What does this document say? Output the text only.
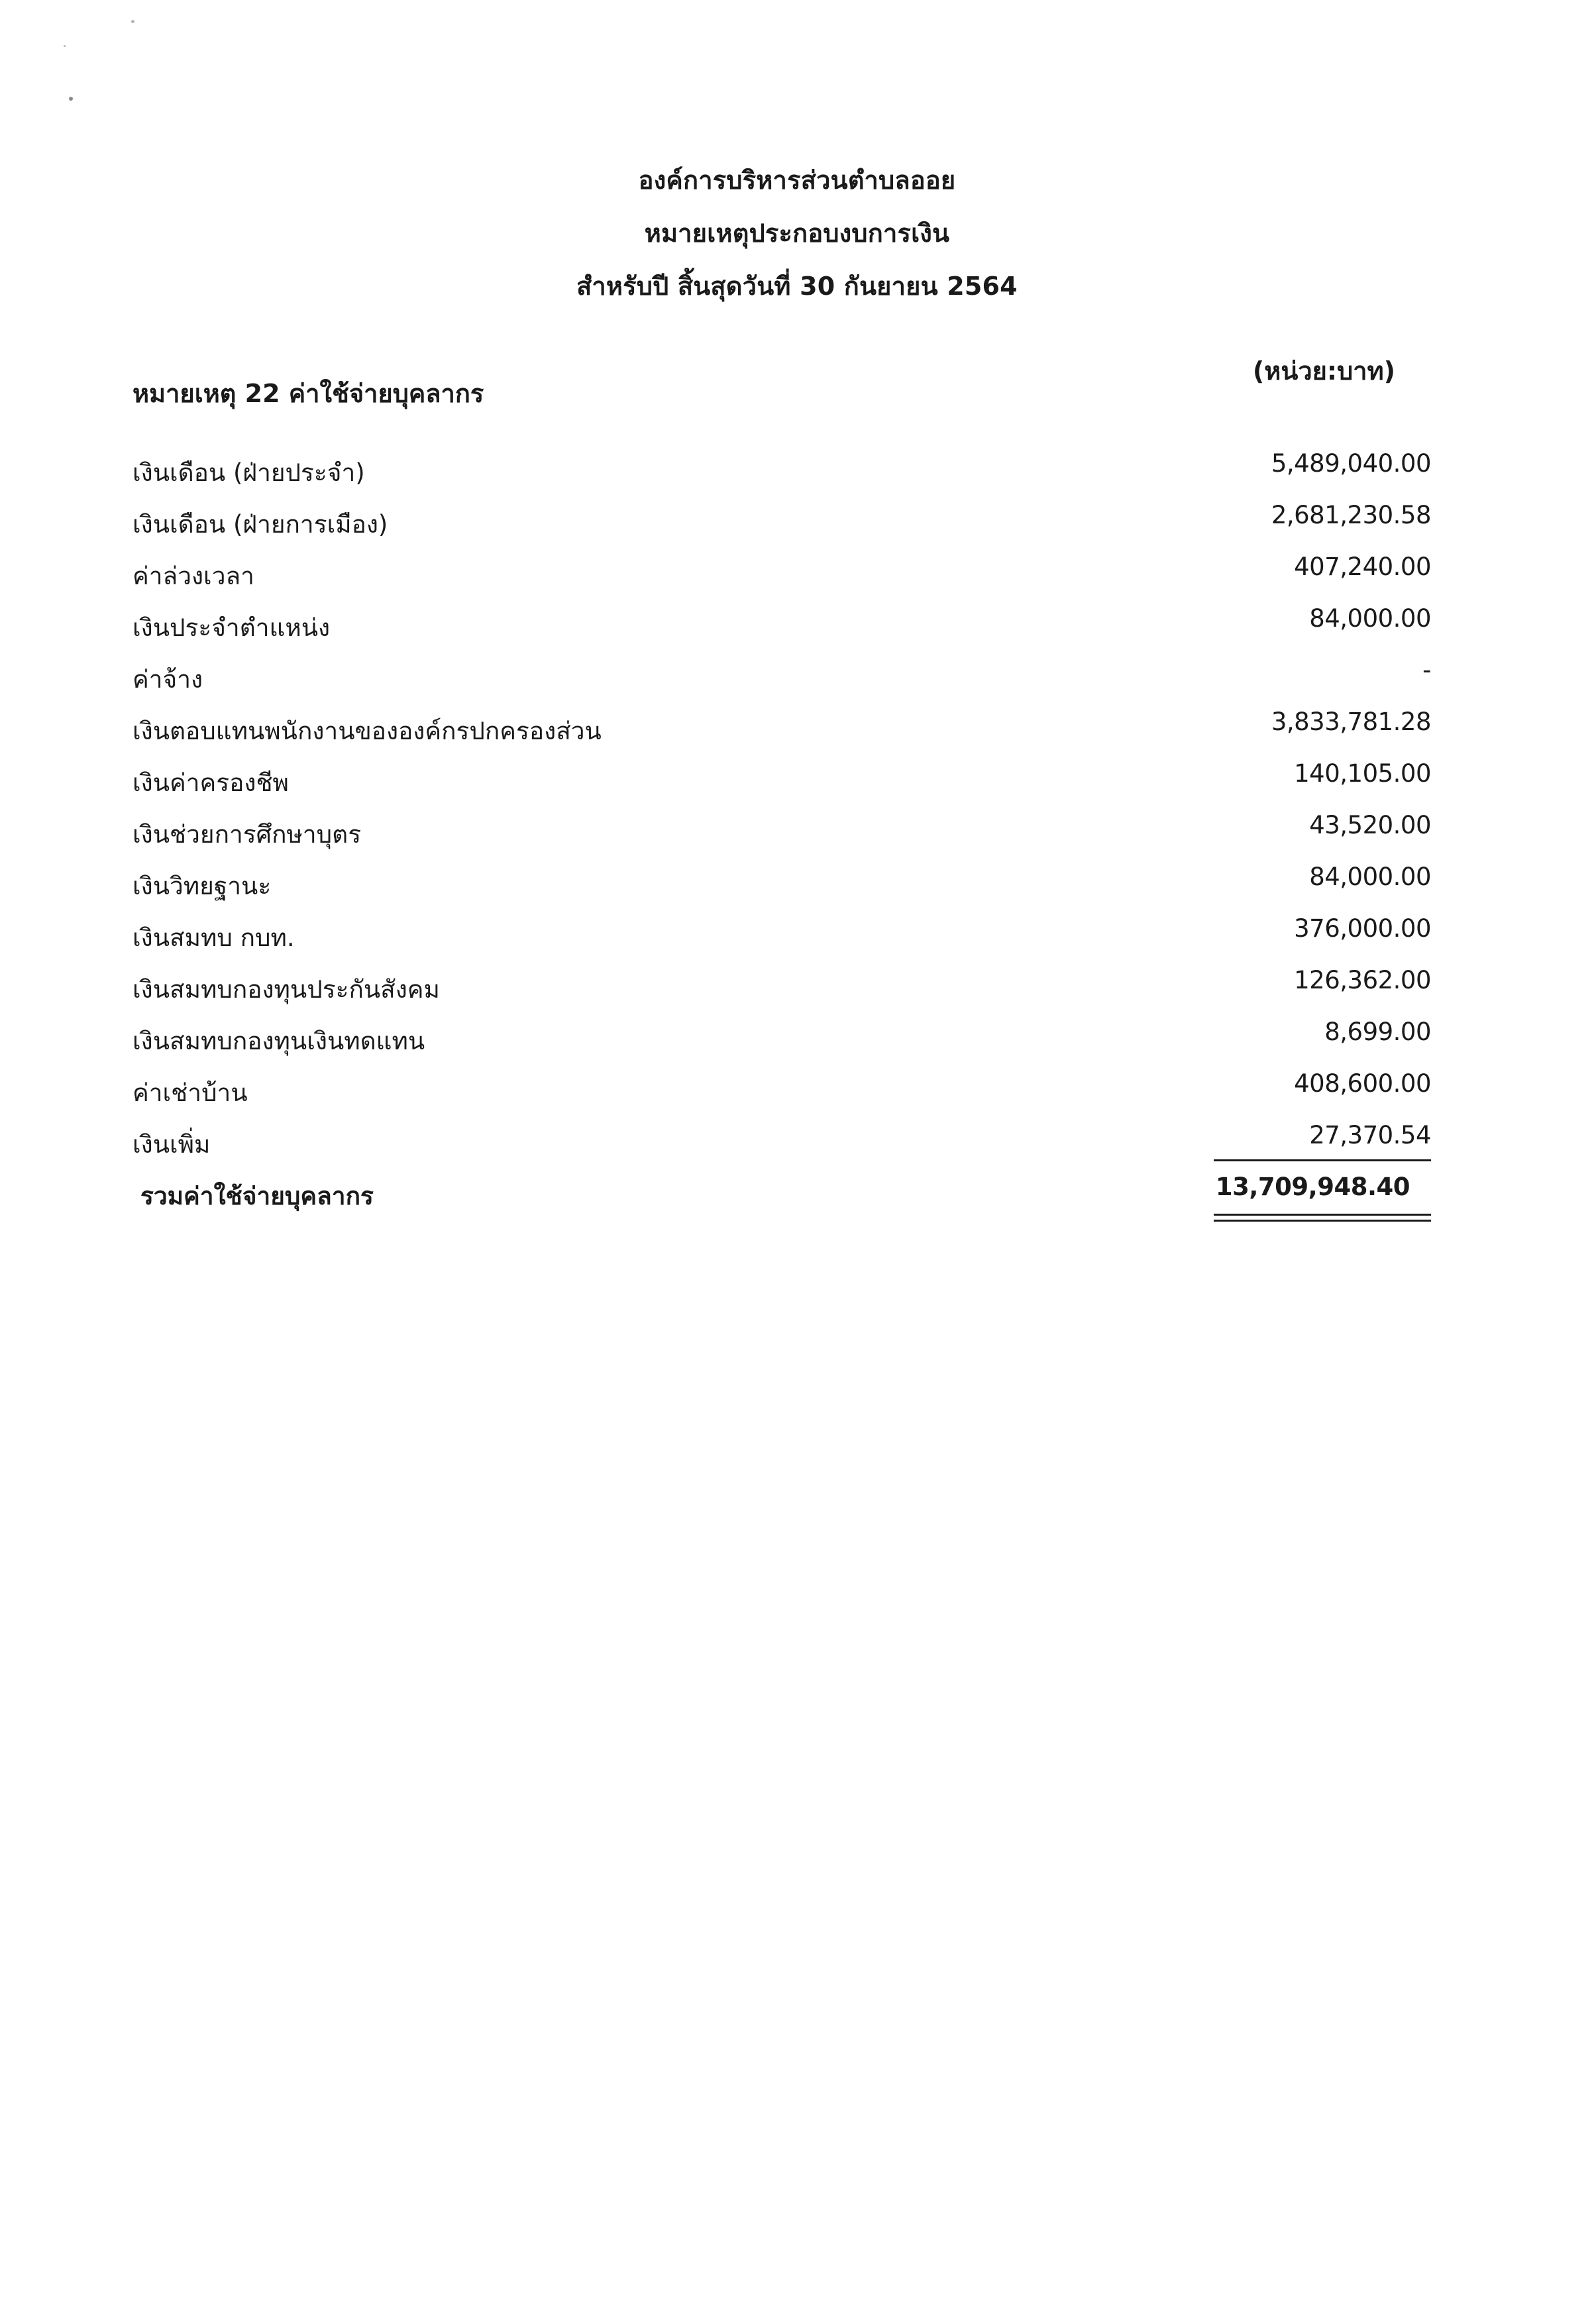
องค์การบริหารส่วนตำบลออย
หมายเหตุประกอบงบการเงิน
สำหรับปี สิ้นสุดวันที่ 30 กันยายน 2564
(หน่วย:บาท)
หมายเหตุ 22 ค่าใช้จ่ายบุคลากร
เงินเดือน (ฝ่ายประจำ)	5,489,040.00
เงินเดือน (ฝ่ายการเมือง)	2,681,230.58
ค่าล่วงเวลา	407,240.00
เงินประจำตำแหน่ง	84,000.00
ค่าจ้าง	-
เงินตอบแทนพนักงานขององค์กรปกครองส่วน	3,833,781.28
เงินค่าครองชีพ	140,105.00
เงินช่วยการศึกษาบุตร	43,520.00
เงินวิทยฐานะ	84,000.00
เงินสมทบ กบท.	376,000.00
เงินสมทบกองทุนประกันสังคม	126,362.00
เงินสมทบกองทุนเงินทดแทน	8,699.00
ค่าเช่าบ้าน	408,600.00
เงินเพิ่ม	27,370.54
รวมค่าใช้จ่ายบุคลากร	13,709,948.40
